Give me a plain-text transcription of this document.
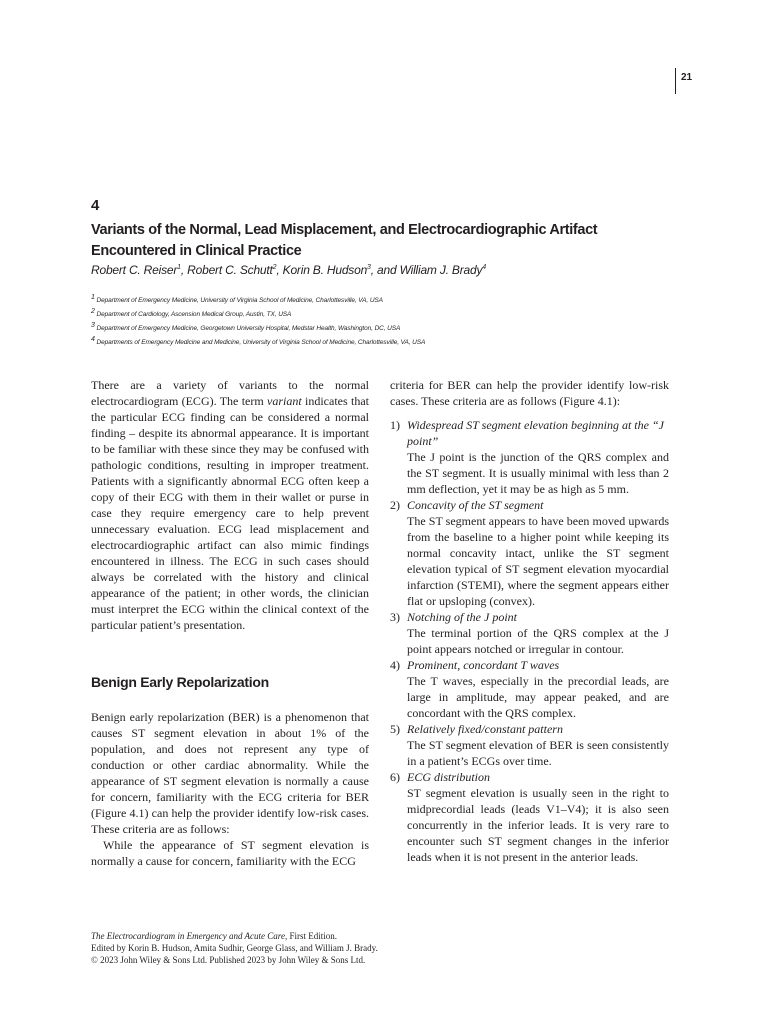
21
4
Variants of the Normal, Lead Misplacement, and Electrocardiographic Artifact Encountered in Clinical Practice
Robert C. Reiser$^1$, Robert C. Schutt$^2$, Korin B. Hudson$^3$, and William J. Brady$^4$
$^1$ Department of Emergency Medicine, University of Virginia School of Medicine, Charlottesville, VA, USA
$^2$ Department of Cardiology, Ascension Medical Group, Austin, TX, USA
$^3$ Department of Emergency Medicine, Georgetown University Hospital, Medstar Health, Washington, DC, USA
$^4$ Departments of Emergency Medicine and Medicine, University of Virginia School of Medicine, Charlottesville, VA, USA

There are a variety of variants to the normal electrocardiogram (ECG). The term variant indicates that the particular ECG finding can be considered a normal finding – despite its abnormal appearance. It is important to be familiar with these since they may be confused with pathologic conditions, resulting in improper treatment. Patients with a significantly abnormal ECG often keep a copy of their ECG with them in their wallet or purse in case they require emergency care to help prevent unnecessary evaluation. ECG lead misplacement and electrocardiographic artifact can also mimic findings encountered in illness. The ECG in such cases should always be correlated with the history and clinical appearance of the patient; in other words, the clinician must interpret the ECG within the clinical context of the particular patient’s presentation.

Benign Early Repolarization

Benign early repolarization (BER) is a phenomenon that causes ST segment elevation in about 1% of the population, and does not represent any type of conduction or other cardiac abnormality. While the appearance of ST segment elevation is normally a cause for concern, familiarity with the ECG criteria for BER (Figure 4.1) can help the provider identify low-risk cases. These criteria are as follows:

While the appearance of ST segment elevation is normally a cause for concern, familiarity with the ECG

criteria for BER can help the provider identify low-risk cases. These criteria are as follows (Figure 4.1):

1) Widespread ST segment elevation beginning at the “J point”
The J point is the junction of the QRS complex and the ST segment. It is usually minimal with less than 2 mm deflection, yet it may be as high as 5 mm.
2) Concavity of the ST segment
The ST segment appears to have been moved upwards from the baseline to a higher point while keeping its normal concavity intact, unlike the ST segment elevation typical of ST segment elevation myocardial infarction (STEMI), where the segment appears either flat or upsloping (convex).
3) Notching of the J point
The terminal portion of the QRS complex at the J point appears notched or irregular in contour.
4) Prominent, concordant T waves
The T waves, especially in the precordial leads, are large in amplitude, may appear peaked, and are concordant with the QRS complex.
5) Relatively fixed/constant pattern
The ST segment elevation of BER is seen consistently in a patient’s ECGs over time.
6) ECG distribution
ST segment elevation is usually seen in the right to midprecordial leads (leads V1–V4); it is also seen concurrently in the inferior leads. It is very rare to encounter such ST segment changes in the inferior leads when it is not present in the anterior leads.
The Electrocardiogram in Emergency and Acute Care, First Edition.
Edited by Korin B. Hudson, Amita Sudhir, George Glass, and William J. Brady.
© 2023 John Wiley & Sons Ltd. Published 2023 by John Wiley & Sons Ltd.
